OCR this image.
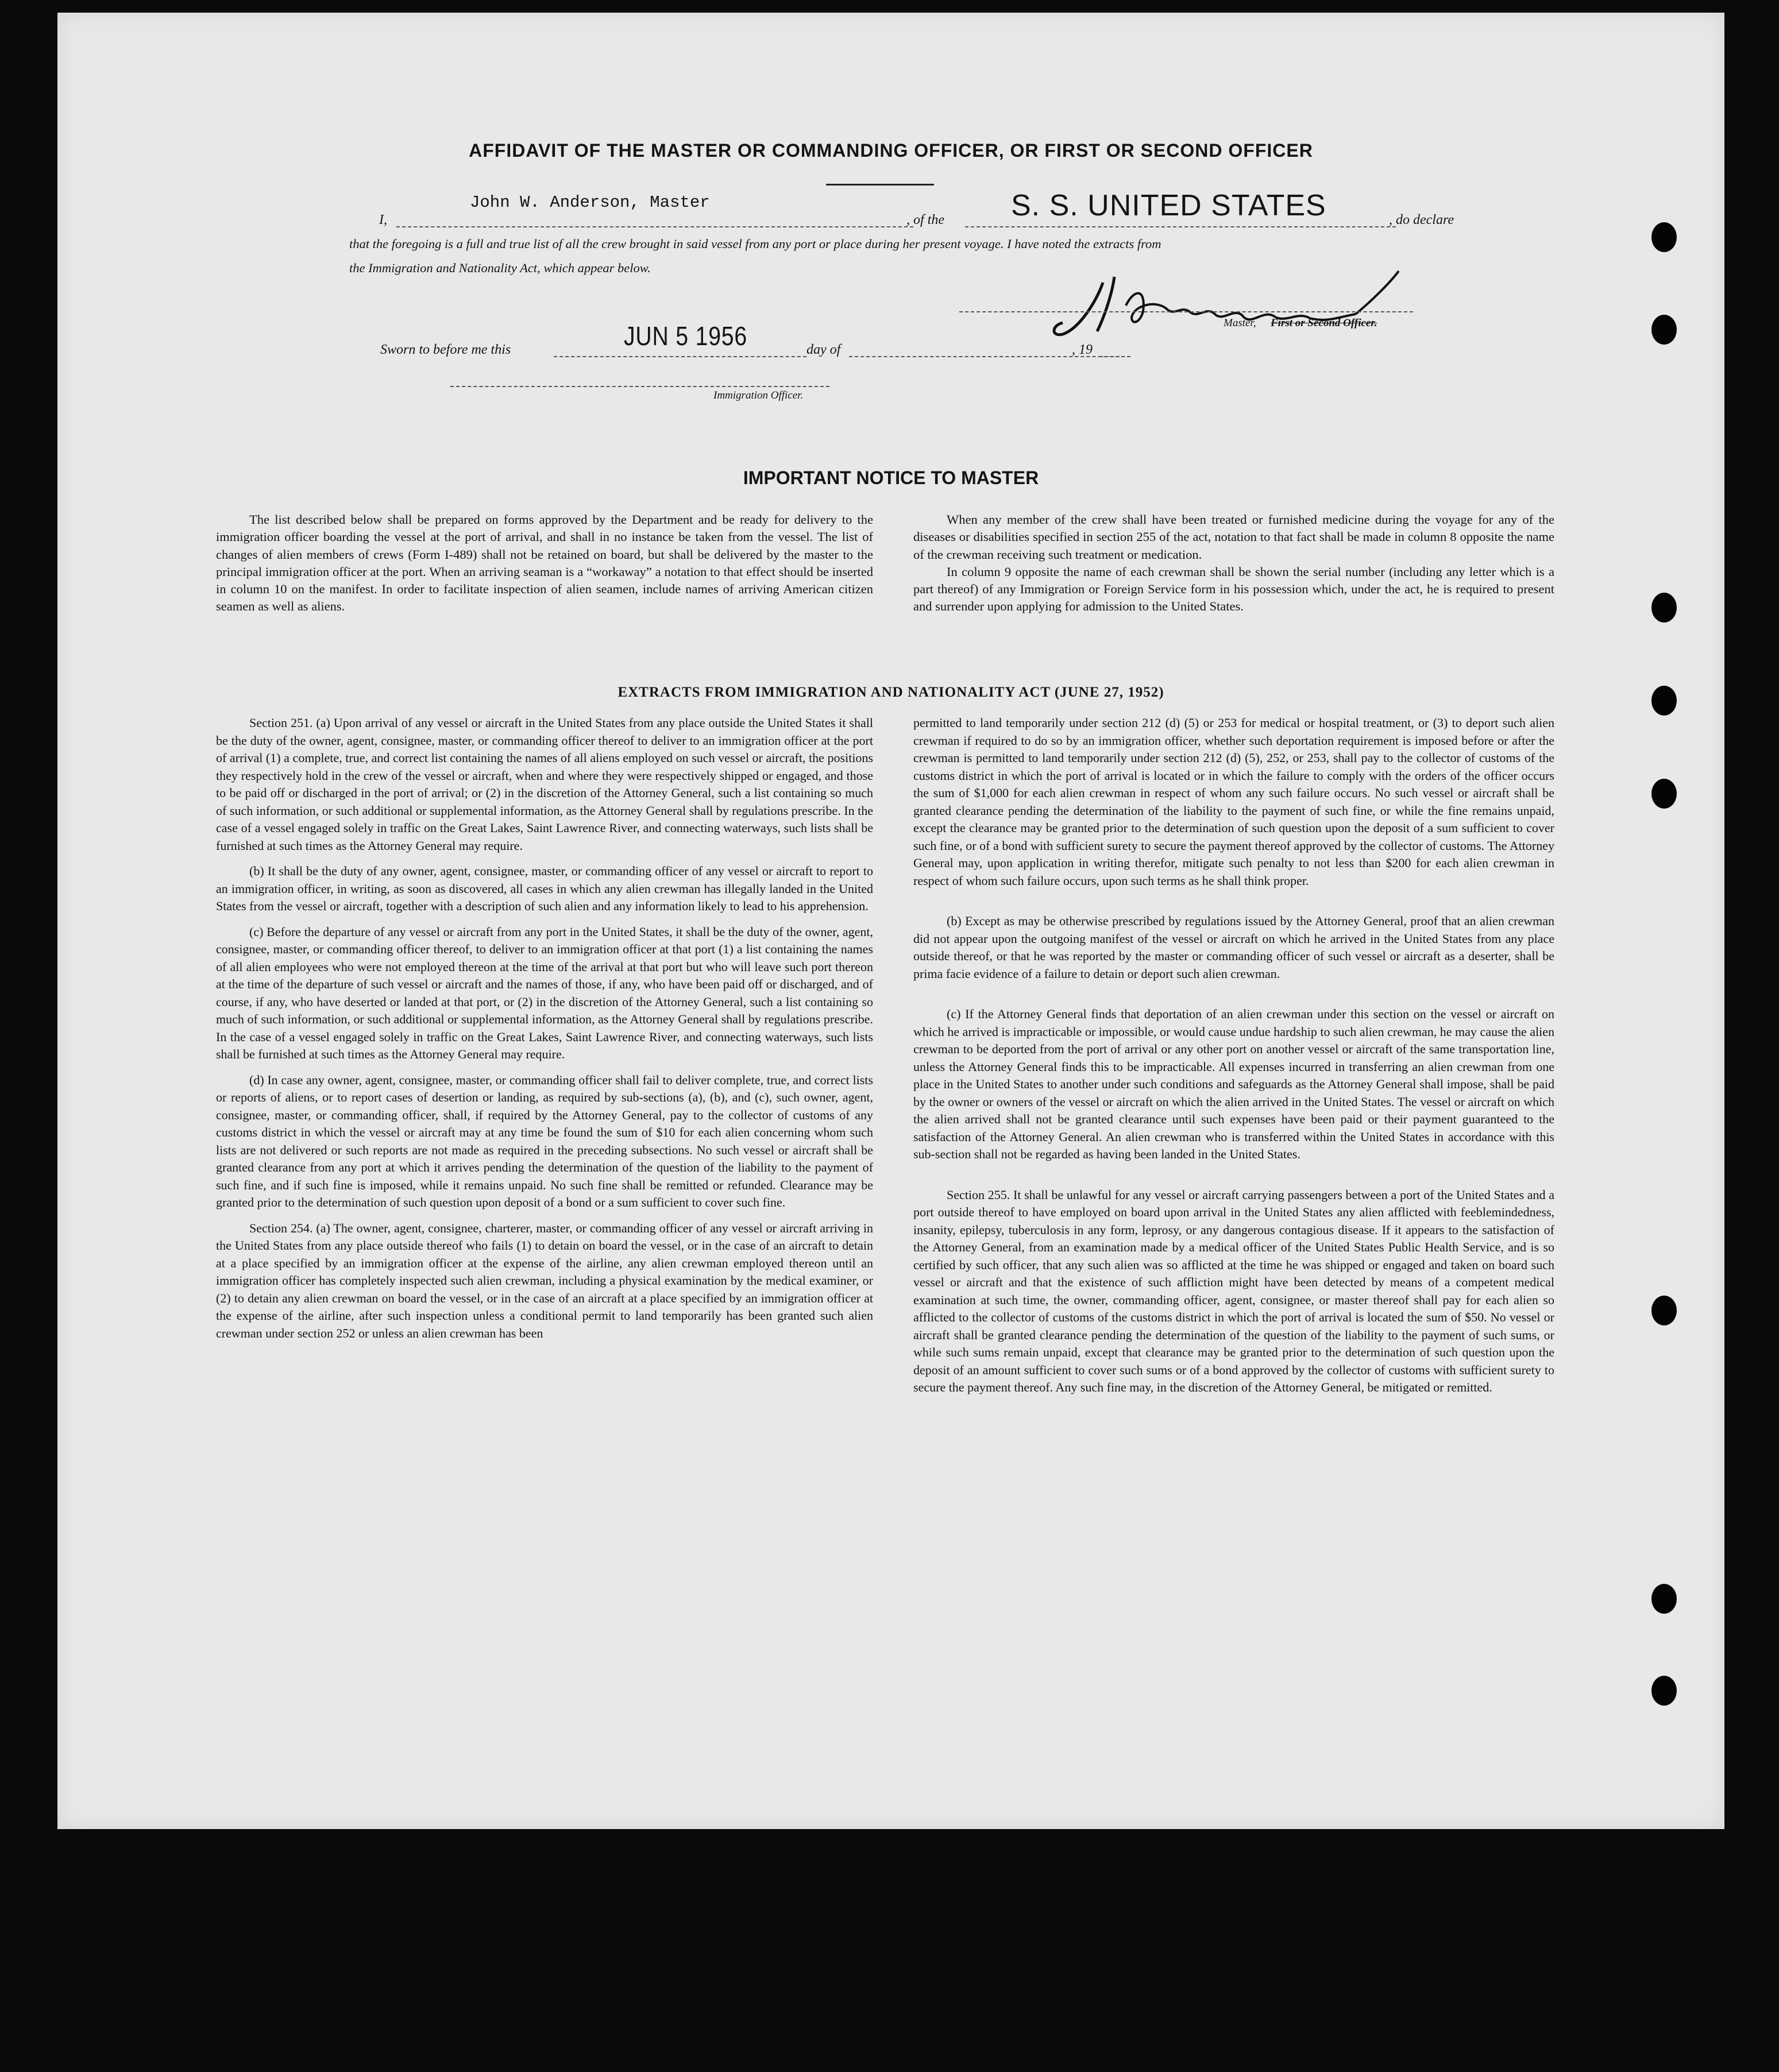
AFFIDAVIT OF THE MASTER OR COMMANDING OFFICER, OR FIRST OR SECOND OFFICER
I,
John W. Anderson, Master
, of the S. S. UNITED STATES	, do declare
that the foregoing is a full and true list of all the crew brought in said vessel from any port or place during her present voyage. I have noted the extracts from
the Immigration and Nationality Act, which appear below.
Master, First or Second Officer.
Sworn to before me this	JUN 5 1956	day of	, 19
Immigration Officer.
IMPORTANT NOTICE TO MASTER

The list described below shall be prepared on forms approved by the Department and be ready for delivery to the immigration officer boarding the vessel at the port of arrival, and shall in no instance be taken from the vessel. The list of changes of alien members of crews (Form I-489) shall not be retained on board, but shall be delivered by the master to the principal immigration officer at the port. When an arriving seaman is a “workaway” a notation to that effect should be inserted in column 10 on the manifest. In order to facilitate inspection of alien seamen, include names of arriving American citizen seamen as well as aliens.

When any member of the crew shall have been treated or furnished medicine during the voyage for any of the diseases or disabilities specified in section 255 of the act, notation to that fact shall be made in column 8 opposite the name of the crewman receiving such treatment or medication.

In column 9 opposite the name of each crewman shall be shown the serial number (including any letter which is a part thereof) of any Immigration or Foreign Service form in his possession which, under the act, he is required to present and surrender upon applying for admission to the United States.

EXTRACTS FROM IMMIGRATION AND NATIONALITY ACT (JUNE 27, 1952)

Section 251. (a) Upon arrival of any vessel or aircraft in the United States from any place outside the United States it shall be the duty of the owner, agent, consignee, master, or commanding officer thereof to deliver to an immigration officer at the port of arrival (1) a complete, true, and correct list containing the names of all aliens employed on such vessel or aircraft, the positions they respectively hold in the crew of the vessel or aircraft, when and where they were respectively shipped or engaged, and those to be paid off or discharged in the port of arrival; or (2) in the discretion of the Attorney General, such a list containing so much of such information, or such additional or supplemental information, as the Attorney General shall by regulations prescribe. In the case of a vessel engaged solely in traffic on the Great Lakes, Saint Lawrence River, and connecting waterways, such lists shall be furnished at such times as the Attorney General may require.

(b) It shall be the duty of any owner, agent, consignee, master, or commanding officer of any vessel or aircraft to report to an immigration officer, in writing, as soon as discovered, all cases in which any alien crewman has illegally landed in the United States from the vessel or aircraft, together with a description of such alien and any information likely to lead to his apprehension.

(c) Before the departure of any vessel or aircraft from any port in the United States, it shall be the duty of the owner, agent, consignee, master, or commanding officer thereof, to deliver to an immigration officer at that port (1) a list containing the names of all alien employees who were not employed thereon at the time of the arrival at that port but who will leave such port thereon at the time of the departure of such vessel or aircraft and the names of those, if any, who have been paid off or discharged, and of course, if any, who have deserted or landed at that port, or (2) in the discretion of the Attorney General, such a list containing so much of such information, or such additional or supplemental information, as the Attorney General shall by regulations prescribe. In the case of a vessel engaged solely in traffic on the Great Lakes, Saint Lawrence River, and connecting waterways, such lists shall be furnished at such times as the Attorney General may require.

(d) In case any owner, agent, consignee, master, or commanding officer shall fail to deliver complete, true, and correct lists or reports of aliens, or to report cases of desertion or landing, as required by sub-sections (a), (b), and (c), such owner, agent, consignee, master, or commanding officer, shall, if required by the Attorney General, pay to the collector of customs of any customs district in which the vessel or aircraft may at any time be found the sum of $10 for each alien concerning whom such lists are not delivered or such reports are not made as required in the preceding subsections. No such vessel or aircraft shall be granted clearance from any port at which it arrives pending the determination of the question of the liability to the payment of such fine, and if such fine is imposed, while it remains unpaid. No such fine shall be remitted or refunded. Clearance may be granted prior to the determination of such question upon deposit of a bond or a sum sufficient to cover such fine.

Section 254. (a) The owner, agent, consignee, charterer, master, or commanding officer of any vessel or aircraft arriving in the United States from any place outside thereof who fails (1) to detain on board the vessel, or in the case of an aircraft to detain at a place specified by an immigration officer at the expense of the airline, any alien crewman employed thereon until an immigration officer has completely inspected such alien crewman, including a physical examination by the medical examiner, or (2) to detain any alien crewman on board the vessel, or in the case of an aircraft at a place specified by an immigration officer at the expense of the airline, after such inspection unless a conditional permit to land temporarily has been granted such alien crewman under section 252 or unless an alien crewman has been

permitted to land temporarily under section 212 (d) (5) or 253 for medical or hospital treatment, or (3) to deport such alien crewman if required to do so by an immigration officer, whether such deportation requirement is imposed before or after the crewman is permitted to land temporarily under section 212 (d) (5), 252, or 253, shall pay to the collector of customs of the customs district in which the port of arrival is located or in which the failure to comply with the orders of the officer occurs the sum of $1,000 for each alien crewman in respect of whom any such failure occurs. No such vessel or aircraft shall be granted clearance pending the determination of the liability to the payment of such fine, or while the fine remains unpaid, except the clearance may be granted prior to the determination of such question upon the deposit of a sum sufficient to cover such fine, or of a bond with sufficient surety to secure the payment thereof approved by the collector of customs. The Attorney General may, upon application in writing therefor, mitigate such penalty to not less than $200 for each alien crewman in respect of whom such failure occurs, upon such terms as he shall think proper.

(b) Except as may be otherwise prescribed by regulations issued by the Attorney General, proof that an alien crewman did not appear upon the outgoing manifest of the vessel or aircraft on which he arrived in the United States from any place outside thereof, or that he was reported by the master or commanding officer of such vessel or aircraft as a deserter, shall be prima facie evidence of a failure to detain or deport such alien crewman.

(c) If the Attorney General finds that deportation of an alien crewman under this section on the vessel or aircraft on which he arrived is impracticable or impossible, or would cause undue hardship to such alien crewman, he may cause the alien crewman to be deported from the port of arrival or any other port on another vessel or aircraft of the same transportation line, unless the Attorney General finds this to be impracticable. All expenses incurred in transferring an alien crewman from one place in the United States to another under such conditions and safeguards as the Attorney General shall impose, shall be paid by the owner or owners of the vessel or aircraft on which the alien arrived in the United States. The vessel or aircraft on which the alien arrived shall not be granted clearance until such expenses have been paid or their payment guaranteed to the satisfaction of the Attorney General. An alien crewman who is transferred within the United States in accordance with this sub-section shall not be regarded as having been landed in the United States.

Section 255. It shall be unlawful for any vessel or aircraft carrying passengers between a port of the United States and a port outside thereof to have employed on board upon arrival in the United States any alien afflicted with feeblemindedness, insanity, epilepsy, tuberculosis in any form, leprosy, or any dangerous contagious disease. If it appears to the satisfaction of the Attorney General, from an examination made by a medical officer of the United States Public Health Service, and is so certified by such officer, that any such alien was so afflicted at the time he was shipped or engaged and taken on board such vessel or aircraft and that the existence of such affliction might have been detected by means of a competent medical examination at such time, the owner, commanding officer, agent, consignee, or master thereof shall pay for each alien so afflicted to the collector of customs of the customs district in which the port of arrival is located the sum of $50. No vessel or aircraft shall be granted clearance pending the determination of the question of the liability to the payment of such sums, or while such sums remain unpaid, except that clearance may be granted prior to the determination of such question upon the deposit of an amount sufficient to cover such sums or of a bond approved by the collector of customs with sufficient surety to secure the payment thereof. Any such fine may, in the discretion of the Attorney General, be mitigated or remitted.
